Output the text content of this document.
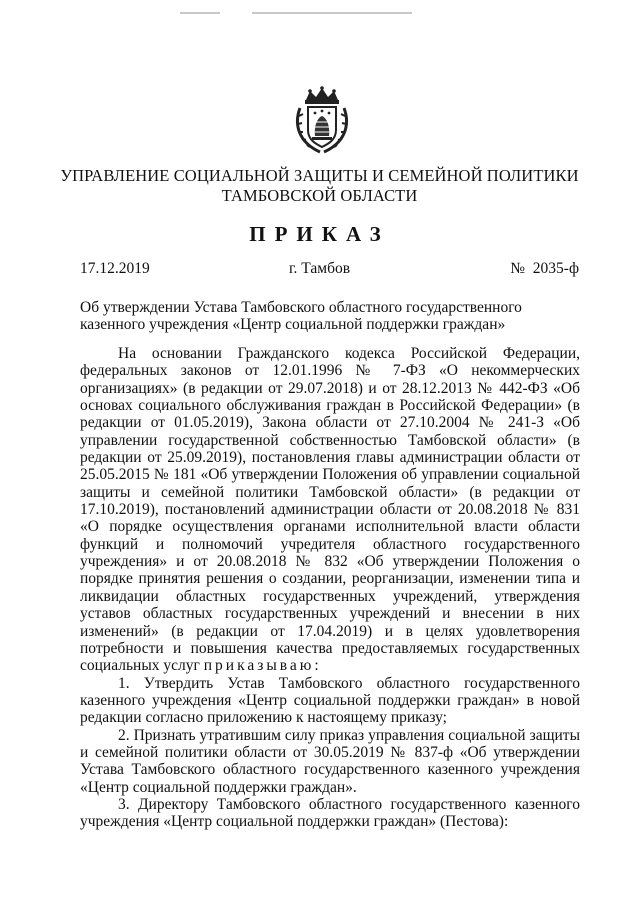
УПРАВЛЕНИЕ СОЦИАЛЬНОЙ ЗАЩИТЫ И СЕМЕЙНОЙ ПОЛИТИКИ
ТАМБОВСКОЙ ОБЛАСТИ
ПРИКАЗ
17.12.2019	г. Тамбов	№  2035-ф
Об утверждении Устава Тамбовского областного государственного казенного учреждения «Центр социальной поддержки граждан»

На основании Гражданского кодекса Российской Федерации, федеральных законов от 12.01.1996 № 7-ФЗ «О некоммерческих организациях» (в редакции от 29.07.2018) и от 28.12.2013 № 442-ФЗ «Об основах социального обслуживания граждан в Российской Федерации» (в редакции от 01.05.2019), Закона области от 27.10.2004 № 241-З «Об управлении государственной собственностью Тамбовской области» (в редакции от 25.09.2019), постановления главы администрации области от 25.05.2015 № 181 «Об утверждении Положения об управлении социальной защиты и семейной политики Тамбовской области» (в редакции от 17.10.2019), постановлений администрации области от 20.08.2018 № 831 «О порядке осуществления органами исполнительной власти области функций и полномочий учредителя областного государственного учреждения» и от 20.08.2018 № 832 «Об утверждении Положения о порядке принятия решения о создании, реорганизации, изменении типа и ликвидации областных государственных учреждений, утверждения уставов областных государственных учреждений и внесении в них изменений» (в редакции от 17.04.2019) и в целях удовлетворения потребности и повышения качества предоставляемых государственных социальных услуг приказываю:

1. Утвердить Устав Тамбовского областного государственного казенного учреждения «Центр социальной поддержки граждан» в новой редакции согласно приложению к настоящему приказу;

2. Признать утратившим силу приказ управления социальной защиты и семейной политики области от 30.05.2019 № 837-ф «Об утверждении Устава Тамбовского областного государственного казенного учреждения «Центр социальной поддержки граждан».

3. Директору Тамбовского областного государственного казенного учреждения «Центр социальной поддержки граждан» (Пестова):
